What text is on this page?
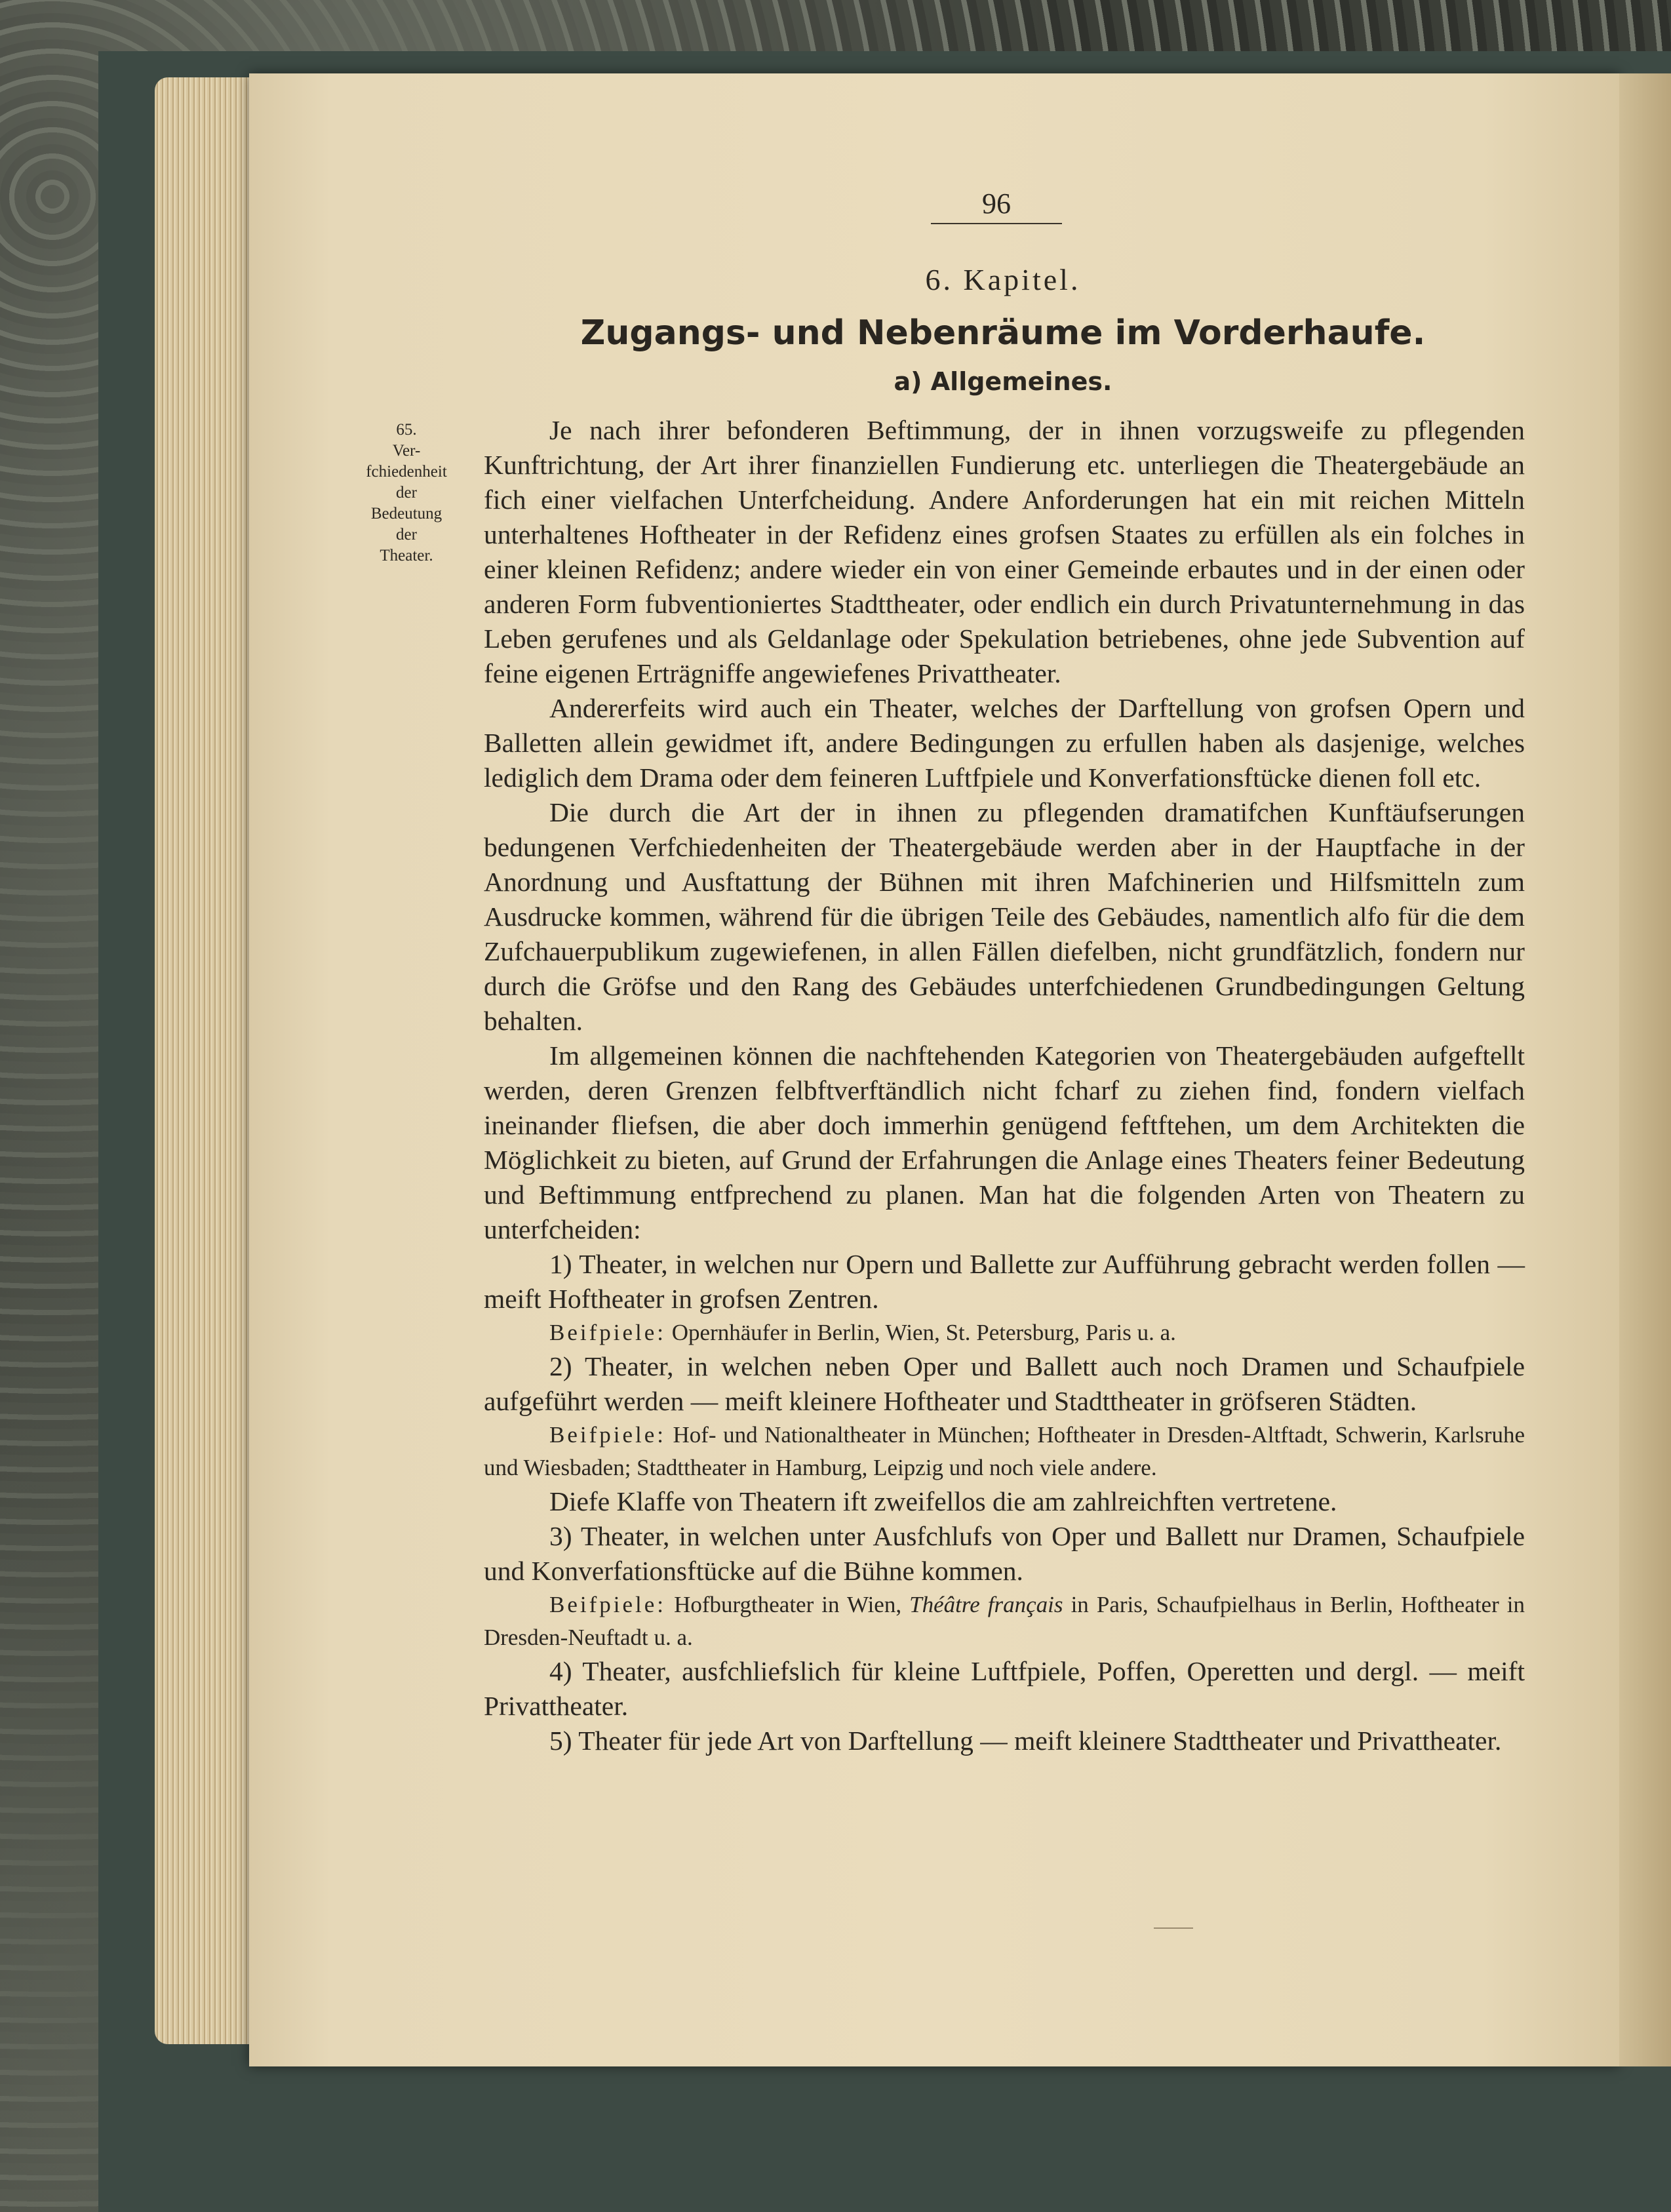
96
6. Kapitel.
Zugangs- und Nebenräume im Vorderhaufe.
a) Allgemeines.
65.
Ver-
fchiedenheit
der
Bedeutung
der
Theater.

Je nach ihrer befonderen Beftimmung, der in ihnen vorzugsweife zu pflegenden Kunftrichtung, der Art ihrer finanziellen Fundierung etc. unterliegen die Theatergebäude an fich einer vielfachen Unterfcheidung. Andere Anforderungen hat ein mit reichen Mitteln unterhaltenes Hoftheater in der Refidenz eines grofsen Staates zu erfüllen als ein folches in einer kleinen Refidenz; andere wieder ein von einer Gemeinde erbautes und in der einen oder anderen Form fubventioniertes Stadttheater, oder endlich ein durch Privatunternehmung in das Leben gerufenes und als Geldanlage oder Spekulation betriebenes, ohne jede Subvention auf feine eigenen Erträgniffe angewiefenes Privattheater.

Andererfeits wird auch ein Theater, welches der Darftellung von grofsen Opern und Balletten allein gewidmet ift, andere Bedingungen zu erfullen haben als dasjenige, welches lediglich dem Drama oder dem feineren Luftfpiele und Konverfationsftücke dienen foll etc.

Die durch die Art der in ihnen zu pflegenden dramatifchen Kunftäufserungen bedungenen Verfchiedenheiten der Theatergebäude werden aber in der Hauptfache in der Anordnung und Ausftattung der Bühnen mit ihren Mafchinerien und Hilfsmitteln zum Ausdrucke kommen, während für die übrigen Teile des Gebäudes, namentlich alfo für die dem Zufchauerpublikum zugewiefenen, in allen Fällen diefelben, nicht grundfätzlich, fondern nur durch die Gröfse und den Rang des Gebäudes unterfchiedenen Grundbedingungen Geltung behalten.

Im allgemeinen können die nachftehenden Kategorien von Theatergebäuden aufgeftellt werden, deren Grenzen felbftverftändlich nicht fcharf zu ziehen find, fondern vielfach ineinander fliefsen, die aber doch immerhin genügend feftftehen, um dem Architekten die Möglichkeit zu bieten, auf Grund der Erfahrungen die Anlage eines Theaters feiner Bedeutung und Beftimmung entfprechend zu planen. Man hat die folgenden Arten von Theatern zu unterfcheiden:

1) Theater, in welchen nur Opern und Ballette zur Aufführung gebracht werden follen — meift Hoftheater in grofsen Zentren.

Beifpiele: Opernhäufer in Berlin, Wien, St. Petersburg, Paris u. a.

2) Theater, in welchen neben Oper und Ballett auch noch Dramen und Schaufpiele aufgeführt werden — meift kleinere Hoftheater und Stadttheater in gröfseren Städten.

Beifpiele: Hof- und Nationaltheater in München; Hoftheater in Dresden-Altftadt, Schwerin, Karlsruhe und Wiesbaden; Stadttheater in Hamburg, Leipzig und noch viele andere.

Diefe Klaffe von Theatern ift zweifellos die am zahlreichften vertretene.

3) Theater, in welchen unter Ausfchlufs von Oper und Ballett nur Dramen, Schaufpiele und Konverfationsftücke auf die Bühne kommen.

Beifpiele: Hofburgtheater in Wien, Théâtre français in Paris, Schaufpielhaus in Berlin, Hoftheater in Dresden-Neuftadt u. a.

4) Theater, ausfchliefslich für kleine Luftfpiele, Poffen, Operetten und dergl. — meift Privattheater.

5) Theater für jede Art von Darftellung — meift kleinere Stadttheater und Privattheater.
